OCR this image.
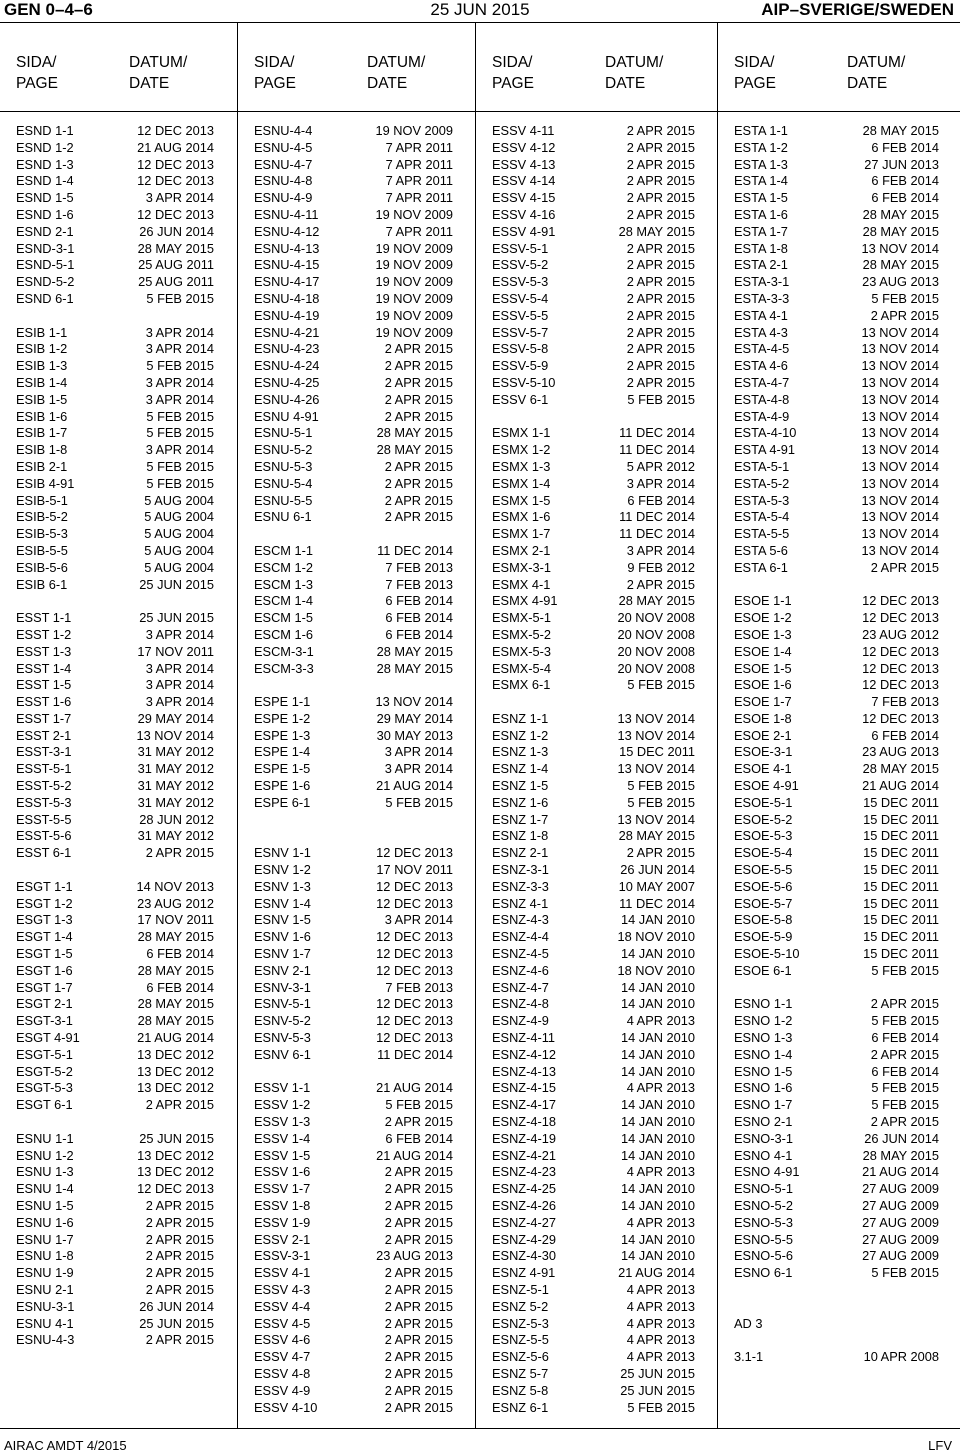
GEN 0–4–6	25 JUN 2015	AIP–SVERIGE/SWEDEN
SIDA/
PAGE
DATUM/
DATE
ESND 1-1	12 DEC 2013
ESND 1-2	21 AUG 2014
ESND 1-3	12 DEC 2013
ESND 1-4	12 DEC 2013
ESND 1-5	3 APR 2014
ESND 1-6	12 DEC 2013
ESND 2-1	26 JUN 2014
ESND-3-1	28 MAY 2015
ESND-5-1	25 AUG 2011
ESND-5-2	25 AUG 2011
ESND 6-1	5 FEB 2015
ESIB 1-1	3 APR 2014
ESIB 1-2	3 APR 2014
ESIB 1-3	5 FEB 2015
ESIB 1-4	3 APR 2014
ESIB 1-5	3 APR 2014
ESIB 1-6	5 FEB 2015
ESIB 1-7	5 FEB 2015
ESIB 1-8	3 APR 2014
ESIB 2-1	5 FEB 2015
ESIB 4-91	5 FEB 2015
ESIB-5-1	5 AUG 2004
ESIB-5-2	5 AUG 2004
ESIB-5-3	5 AUG 2004
ESIB-5-5	5 AUG 2004
ESIB-5-6	5 AUG 2004
ESIB 6-1	25 JUN 2015
ESST 1-1	25 JUN 2015
ESST 1-2	3 APR 2014
ESST 1-3	17 NOV 2011
ESST 1-4	3 APR 2014
ESST 1-5	3 APR 2014
ESST 1-6	3 APR 2014
ESST 1-7	29 MAY 2014
ESST 2-1	13 NOV 2014
ESST-3-1	31 MAY 2012
ESST-5-1	31 MAY 2012
ESST-5-2	31 MAY 2012
ESST-5-3	31 MAY 2012
ESST-5-5	28 JUN 2012
ESST-5-6	31 MAY 2012
ESST 6-1	2 APR 2015
ESGT 1-1	14 NOV 2013
ESGT 1-2	23 AUG 2012
ESGT 1-3	17 NOV 2011
ESGT 1-4	28 MAY 2015
ESGT 1-5	6 FEB 2014
ESGT 1-6	28 MAY 2015
ESGT 1-7	6 FEB 2014
ESGT 2-1	28 MAY 2015
ESGT-3-1	28 MAY 2015
ESGT 4-91	21 AUG 2014
ESGT-5-1	13 DEC 2012
ESGT-5-2	13 DEC 2012
ESGT-5-3	13 DEC 2012
ESGT 6-1	2 APR 2015
ESNU 1-1	25 JUN 2015
ESNU 1-2	13 DEC 2012
ESNU 1-3	13 DEC 2012
ESNU 1-4	12 DEC 2013
ESNU 1-5	2 APR 2015
ESNU 1-6	2 APR 2015
ESNU 1-7	2 APR 2015
ESNU 1-8	2 APR 2015
ESNU 1-9	2 APR 2015
ESNU 2-1	2 APR 2015
ESNU-3-1	26 JUN 2014
ESNU 4-1	25 JUN 2015
ESNU-4-3	2 APR 2015
SIDA/
PAGE
DATUM/
DATE
ESNU-4-4	19 NOV 2009
ESNU-4-5	7 APR 2011
ESNU-4-7	7 APR 2011
ESNU-4-8	7 APR 2011
ESNU-4-9	7 APR 2011
ESNU-4-11	19 NOV 2009
ESNU-4-12	7 APR 2011
ESNU-4-13	19 NOV 2009
ESNU-4-15	19 NOV 2009
ESNU-4-17	19 NOV 2009
ESNU-4-18	19 NOV 2009
ESNU-4-19	19 NOV 2009
ESNU-4-21	19 NOV 2009
ESNU-4-23	2 APR 2015
ESNU-4-24	2 APR 2015
ESNU-4-25	2 APR 2015
ESNU-4-26	2 APR 2015
ESNU 4-91	2 APR 2015
ESNU-5-1	28 MAY 2015
ESNU-5-2	28 MAY 2015
ESNU-5-3	2 APR 2015
ESNU-5-4	2 APR 2015
ESNU-5-5	2 APR 2015
ESNU 6-1	2 APR 2015
ESCM 1-1	11 DEC 2014
ESCM 1-2	7 FEB 2013
ESCM 1-3	7 FEB 2013
ESCM 1-4	6 FEB 2014
ESCM 1-5	6 FEB 2014
ESCM 1-6	6 FEB 2014
ESCM-3-1	28 MAY 2015
ESCM-3-3	28 MAY 2015
ESPE 1-1	13 NOV 2014
ESPE 1-2	29 MAY 2014
ESPE 1-3	30 MAY 2013
ESPE 1-4	3 APR 2014
ESPE 1-5	3 APR 2014
ESPE 1-6	21 AUG 2014
ESPE 6-1	5 FEB 2015
ESNV 1-1	12 DEC 2013
ESNV 1-2	17 NOV 2011
ESNV 1-3	12 DEC 2013
ESNV 1-4	12 DEC 2013
ESNV 1-5	3 APR 2014
ESNV 1-6	12 DEC 2013
ESNV 1-7	12 DEC 2013
ESNV 2-1	12 DEC 2013
ESNV-3-1	7 FEB 2013
ESNV-5-1	12 DEC 2013
ESNV-5-2	12 DEC 2013
ESNV-5-3	12 DEC 2013
ESNV 6-1	11 DEC 2014
ESSV 1-1	21 AUG 2014
ESSV 1-2	5 FEB 2015
ESSV 1-3	2 APR 2015
ESSV 1-4	6 FEB 2014
ESSV 1-5	21 AUG 2014
ESSV 1-6	2 APR 2015
ESSV 1-7	2 APR 2015
ESSV 1-8	2 APR 2015
ESSV 1-9	2 APR 2015
ESSV 2-1	2 APR 2015
ESSV-3-1	23 AUG 2013
ESSV 4-1	2 APR 2015
ESSV 4-3	2 APR 2015
ESSV 4-4	2 APR 2015
ESSV 4-5	2 APR 2015
ESSV 4-6	2 APR 2015
ESSV 4-7	2 APR 2015
ESSV 4-8	2 APR 2015
ESSV 4-9	2 APR 2015
ESSV 4-10	2 APR 2015
SIDA/
PAGE
DATUM/
DATE
ESSV 4-11	2 APR 2015
ESSV 4-12	2 APR 2015
ESSV 4-13	2 APR 2015
ESSV 4-14	2 APR 2015
ESSV 4-15	2 APR 2015
ESSV 4-16	2 APR 2015
ESSV 4-91	28 MAY 2015
ESSV-5-1	2 APR 2015
ESSV-5-2	2 APR 2015
ESSV-5-3	2 APR 2015
ESSV-5-4	2 APR 2015
ESSV-5-5	2 APR 2015
ESSV-5-7	2 APR 2015
ESSV-5-8	2 APR 2015
ESSV-5-9	2 APR 2015
ESSV-5-10	2 APR 2015
ESSV 6-1	5 FEB 2015
ESMX 1-1	11 DEC 2014
ESMX 1-2	11 DEC 2014
ESMX 1-3	5 APR 2012
ESMX 1-4	3 APR 2014
ESMX 1-5	6 FEB 2014
ESMX 1-6	11 DEC 2014
ESMX 1-7	11 DEC 2014
ESMX 2-1	3 APR 2014
ESMX-3-1	9 FEB 2012
ESMX 4-1	2 APR 2015
ESMX 4-91	28 MAY 2015
ESMX-5-1	20 NOV 2008
ESMX-5-2	20 NOV 2008
ESMX-5-3	20 NOV 2008
ESMX-5-4	20 NOV 2008
ESMX 6-1	5 FEB 2015
ESNZ 1-1	13 NOV 2014
ESNZ 1-2	13 NOV 2014
ESNZ 1-3	15 DEC 2011
ESNZ 1-4	13 NOV 2014
ESNZ 1-5	5 FEB 2015
ESNZ 1-6	5 FEB 2015
ESNZ 1-7	13 NOV 2014
ESNZ 1-8	28 MAY 2015
ESNZ 2-1	2 APR 2015
ESNZ-3-1	26 JUN 2014
ESNZ-3-3	10 MAY 2007
ESNZ 4-1	11 DEC 2014
ESNZ-4-3	14 JAN 2010
ESNZ-4-4	18 NOV 2010
ESNZ-4-5	14 JAN 2010
ESNZ-4-6	18 NOV 2010
ESNZ-4-7	14 JAN 2010
ESNZ-4-8	14 JAN 2010
ESNZ-4-9	4 APR 2013
ESNZ-4-11	14 JAN 2010
ESNZ-4-12	14 JAN 2010
ESNZ-4-13	14 JAN 2010
ESNZ-4-15	4 APR 2013
ESNZ-4-17	14 JAN 2010
ESNZ-4-18	14 JAN 2010
ESNZ-4-19	14 JAN 2010
ESNZ-4-21	14 JAN 2010
ESNZ-4-23	4 APR 2013
ESNZ-4-25	14 JAN 2010
ESNZ-4-26	14 JAN 2010
ESNZ-4-27	4 APR 2013
ESNZ-4-29	14 JAN 2010
ESNZ-4-30	14 JAN 2010
ESNZ 4-91	21 AUG 2014
ESNZ-5-1	4 APR 2013
ESNZ 5-2	4 APR 2013
ESNZ-5-3	4 APR 2013
ESNZ-5-5	4 APR 2013
ESNZ-5-6	4 APR 2013
ESNZ 5-7	25 JUN 2015
ESNZ 5-8	25 JUN 2015
ESNZ 6-1	5 FEB 2015
SIDA/
PAGE
DATUM/
DATE
ESTA 1-1	28 MAY 2015
ESTA 1-2	6 FEB 2014
ESTA 1-3	27 JUN 2013
ESTA 1-4	6 FEB 2014
ESTA 1-5	6 FEB 2014
ESTA 1-6	28 MAY 2015
ESTA 1-7	28 MAY 2015
ESTA 1-8	13 NOV 2014
ESTA 2-1	28 MAY 2015
ESTA-3-1	23 AUG 2013
ESTA-3-3	5 FEB 2015
ESTA 4-1	2 APR 2015
ESTA 4-3	13 NOV 2014
ESTA-4-5	13 NOV 2014
ESTA 4-6	13 NOV 2014
ESTA-4-7	13 NOV 2014
ESTA-4-8	13 NOV 2014
ESTA-4-9	13 NOV 2014
ESTA-4-10	13 NOV 2014
ESTA 4-91	13 NOV 2014
ESTA-5-1	13 NOV 2014
ESTA-5-2	13 NOV 2014
ESTA-5-3	13 NOV 2014
ESTA-5-4	13 NOV 2014
ESTA-5-5	13 NOV 2014
ESTA 5-6	13 NOV 2014
ESTA 6-1	2 APR 2015
ESOE 1-1	12 DEC 2013
ESOE 1-2	12 DEC 2013
ESOE 1-3	23 AUG 2012
ESOE 1-4	12 DEC 2013
ESOE 1-5	12 DEC 2013
ESOE 1-6	12 DEC 2013
ESOE 1-7	7 FEB 2013
ESOE 1-8	12 DEC 2013
ESOE 2-1	6 FEB 2014
ESOE-3-1	23 AUG 2013
ESOE 4-1	28 MAY 2015
ESOE 4-91	21 AUG 2014
ESOE-5-1	15 DEC 2011
ESOE-5-2	15 DEC 2011
ESOE-5-3	15 DEC 2011
ESOE-5-4	15 DEC 2011
ESOE-5-5	15 DEC 2011
ESOE-5-6	15 DEC 2011
ESOE-5-7	15 DEC 2011
ESOE-5-8	15 DEC 2011
ESOE-5-9	15 DEC 2011
ESOE-5-10	15 DEC 2011
ESOE 6-1	5 FEB 2015
ESNO 1-1	2 APR 2015
ESNO 1-2	5 FEB 2015
ESNO 1-3	6 FEB 2014
ESNO 1-4	2 APR 2015
ESNO 1-5	6 FEB 2014
ESNO 1-6	5 FEB 2015
ESNO 1-7	5 FEB 2015
ESNO 2-1	2 APR 2015
ESNO-3-1	26 JUN 2014
ESNO 4-1	28 MAY 2015
ESNO 4-91	21 AUG 2014
ESNO-5-1	27 AUG 2009
ESNO-5-2	27 AUG 2009
ESNO-5-3	27 AUG 2009
ESNO-5-5	27 AUG 2009
ESNO-5-6	27 AUG 2009
ESNO 6-1	5 FEB 2015
AD 3
3.1-1	10 APR 2008
AIRAC AMDT 4/2015	LFV
